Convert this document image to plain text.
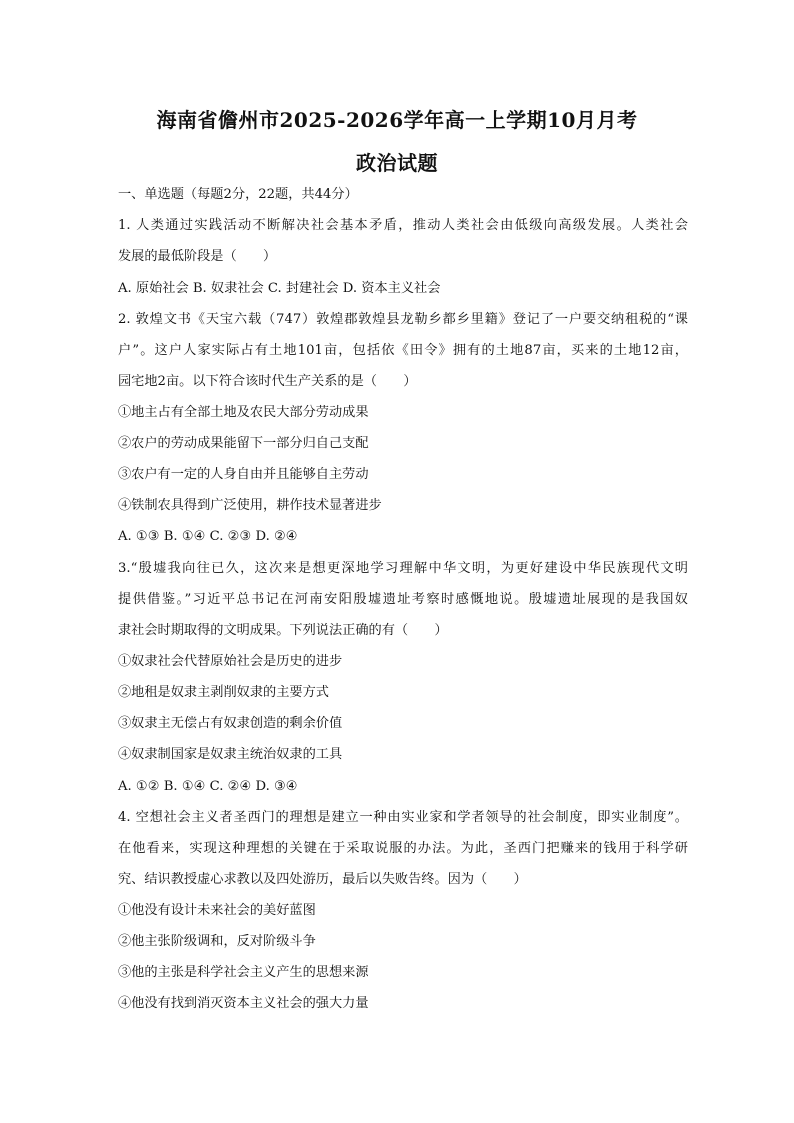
海南省儋州市2025-2026学年高一上学期10月月考
政治试题
一、单选题（每题2分，22题，共44分）
1. 人类通过实践活动不断解决社会基本矛盾，推动人类社会由低级向高级发展。人类社会
发展的最低阶段是（　　）
A. 原始社会 B. 奴隶社会 C. 封建社会 D. 资本主义社会
2. 敦煌文书《天宝六载（747）敦煌郡敦煌县龙勒乡都乡里籍》登记了一户要交纳租税的“课
户”。这户人家实际占有土地101亩，包括依《田令》拥有的土地87亩，买来的土地12亩，
园宅地2亩。以下符合该时代生产关系的是（　　）
①地主占有全部土地及农民大部分劳动成果
②农户的劳动成果能留下一部分归自己支配
③农户有一定的人身自由并且能够自主劳动
④铁制农具得到广泛使用，耕作技术显著进步
A. ①③ B. ①④ C. ②③ D. ②④
3.“殷墟我向往已久，这次来是想更深地学习理解中华文明，为更好建设中华民族现代文明
提供借鉴。”习近平总书记在河南安阳殷墟遗址考察时感慨地说。殷墟遗址展现的是我国奴
隶社会时期取得的文明成果。下列说法正确的有（　　）
①奴隶社会代替原始社会是历史的进步
②地租是奴隶主剥削奴隶的主要方式
③奴隶主无偿占有奴隶创造的剩余价值
④奴隶制国家是奴隶主统治奴隶的工具
A. ①② B. ①④ C. ②④ D. ③④
4. 空想社会主义者圣西门的理想是建立一种由实业家和学者领导的社会制度，即实业制度”。
在他看来，实现这种理想的关键在于采取说服的办法。为此，圣西门把赚来的钱用于科学研
究、结识教授虚心求教以及四处游历，最后以失败告终。因为（　　）
①他没有设计未来社会的美好蓝图
②他主张阶级调和，反对阶级斗争
③他的主张是科学社会主义产生的思想来源
④他没有找到消灭资本主义社会的强大力量
